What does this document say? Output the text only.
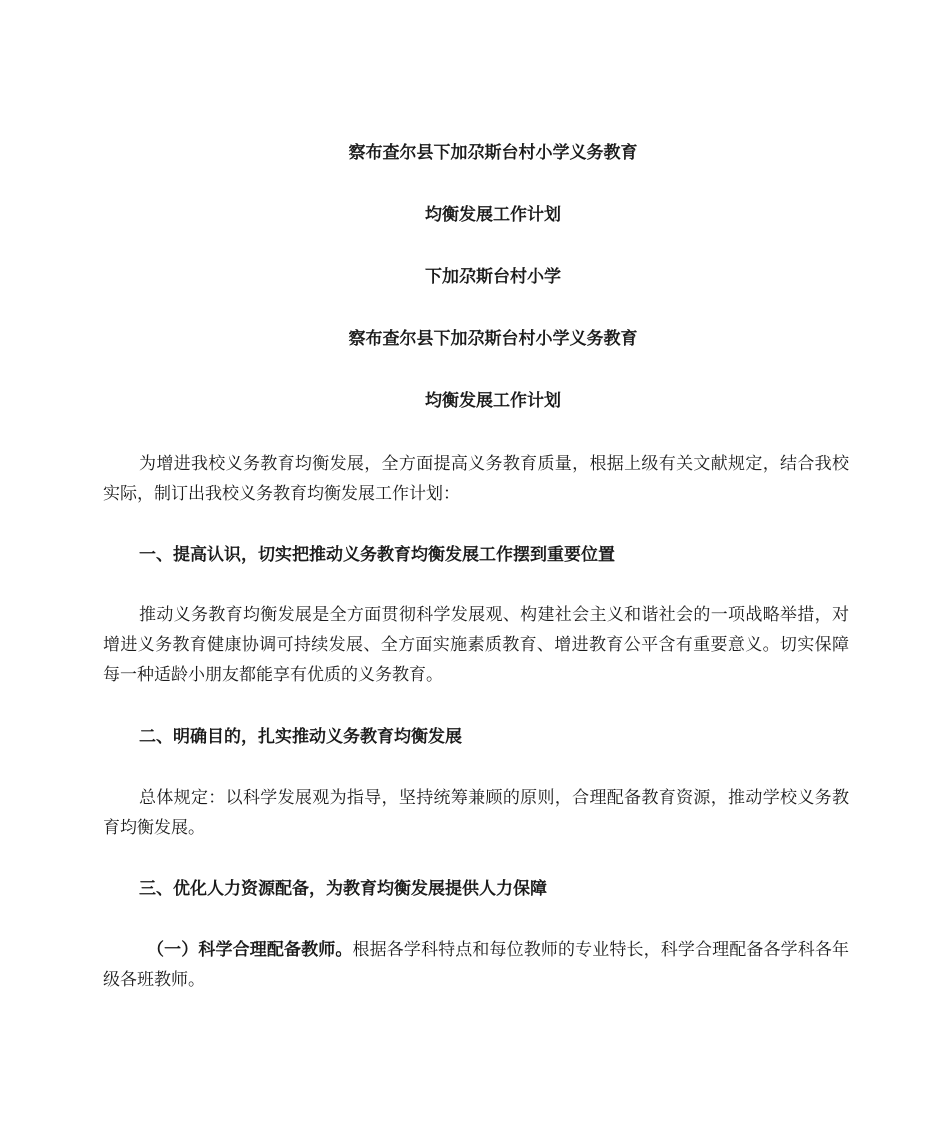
察布查尔县下加尕斯台村小学义务教育
均衡发展工作计划
下加尕斯台村小学
察布查尔县下加尕斯台村小学义务教育
均衡发展工作计划

为增进我校义务教育均衡发展，全方面提高义务教育质量，根据上级有关文献规定，结合我校实际，制订出我校义务教育均衡发展工作计划：

一、提高认识，切实把推动义务教育均衡发展工作摆到重要位置

推动义务教育均衡发展是全方面贯彻科学发展观、构建社会主义和谐社会的一项战略举措，对增进义务教育健康协调可持续发展、全方面实施素质教育、增进教育公平含有重要意义。切实保障每一种适龄小朋友都能享有优质的义务教育。

二、明确目的，扎实推动义务教育均衡发展

总体规定：以科学发展观为指导，坚持统筹兼顾的原则，合理配备教育资源，推动学校义务教育均衡发展。

三、优化人力资源配备，为教育均衡发展提供人力保障

（一）科学合理配备教师。根据各学科特点和每位教师的专业特长，科学合理配备各学科各年级各班教师。
